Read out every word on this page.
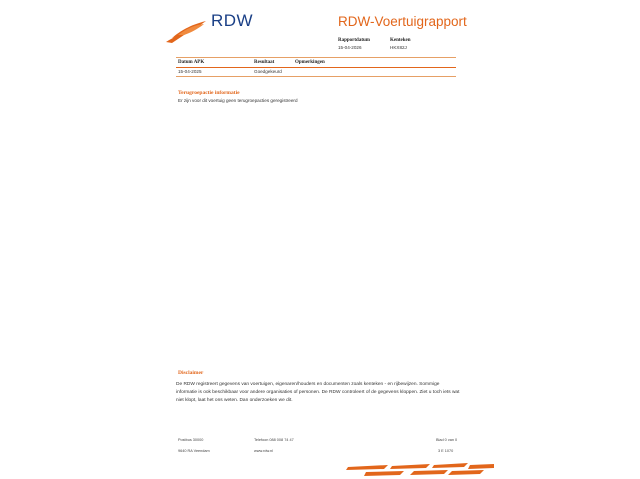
RDW	RDW-Voertuigrapport
Rapportdatum
15-04-2026
Kenteken
HKX82J
Datum APK	Resultaat	Opmerkingen
15-04-2025	Goedgekeurd
Terugroepactie informatie
Er zijn voor dit voertuig geen terugroepacties geregistreerd
Disclaimer
De RDW registreert gegevens van voertuigen, eigenaren/houders en documenten zoals kenteken - en rijbewijzen. Sommige informatie is ook beschikbaar voor andere organisaties of personen. De RDW controleert of de gegevens kloppen. Ziet u toch iets wat niet klopt, laat het ons weten. Dan onderzoeken we dit.
Postbus 30000
9640 RA Veendam
Telefoon 088 008 74 47
www.rdw.nl
Blad 0 van 0
3 E 1070
